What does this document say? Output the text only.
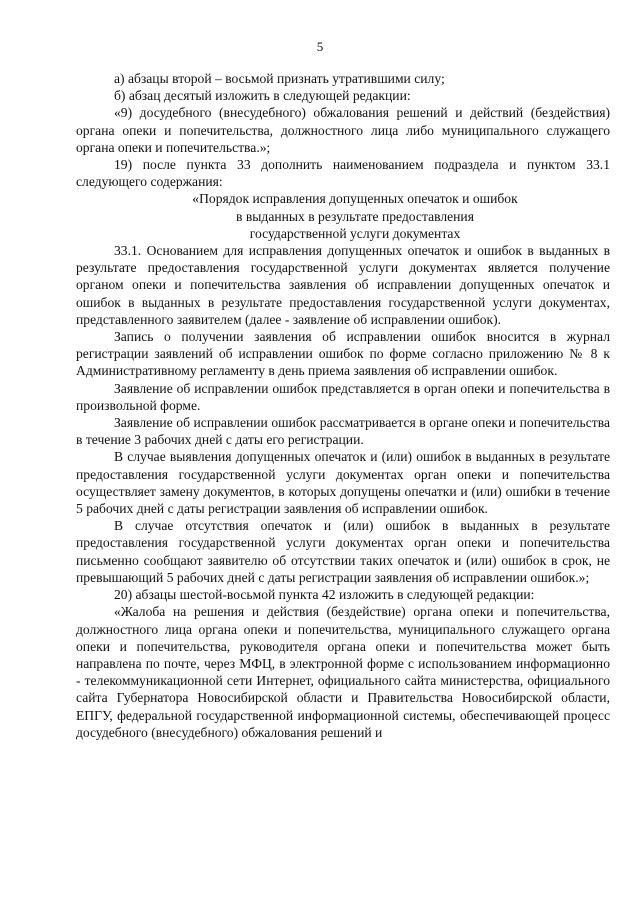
5

а) абзацы второй – восьмой признать утратившими силу;

б) абзац десятый изложить в следующей редакции:

«9) досудебного (внесудебного) обжалования решений и действий (бездействия) органа опеки и попечительства, должностного лица либо муниципального служащего органа опеки и попечительства.»;

19) после пункта 33 дополнить наименованием подраздела и пунктом 33.1 следующего содержания:

«Порядок исправления допущенных опечаток и ошибок

в выданных в результате предоставления

государственной услуги документах

33.1. Основанием для исправления допущенных опечаток и ошибок в выданных в результате предоставления государственной услуги документах является получение органом опеки и попечительства заявления об исправлении допущенных опечаток и ошибок в выданных в результате предоставления государственной услуги документах, представленного заявителем (далее - заявление об исправлении ошибок).

Запись о получении заявления об исправлении ошибок вносится в журнал регистрации заявлений об исправлении ошибок по форме согласно приложению № 8 к Административному регламенту в день приема заявления об исправлении ошибок.

Заявление об исправлении ошибок представляется в орган опеки и попечительства в произвольной форме.

Заявление об исправлении ошибок рассматривается в органе опеки и попечительства в течение 3 рабочих дней с даты его регистрации.

В случае выявления допущенных опечаток и (или) ошибок в выданных в результате предоставления государственной услуги документах орган опеки и попечительства осуществляет замену документов, в которых допущены опечатки и (или) ошибки в течение 5 рабочих дней с даты регистрации заявления об исправлении ошибок.

В случае отсутствия опечаток и (или) ошибок в выданных в результате предоставления государственной услуги документах орган опеки и попечительства письменно сообщают заявителю об отсутствии таких опечаток и (или) ошибок в срок, не превышающий 5 рабочих дней с даты регистрации заявления об исправлении ошибок.»;

20) абзацы шестой-восьмой пункта 42 изложить в следующей редакции:

«Жалоба на решения и действия (бездействие) органа опеки и попечительства, должностного лица органа опеки и попечительства, муниципального служащего органа опеки и попечительства, руководителя органа опеки и попечительства может быть направлена по почте, через МФЦ, в электронной форме с использованием информационно - телекоммуникационной сети Интернет, официального сайта министерства, официального сайта Губернатора Новосибирской области и Правительства Новосибирской области, ЕПГУ, федеральной государственной информационной системы, обеспечивающей процесс досудебного (внесудебного) обжалования решений и
